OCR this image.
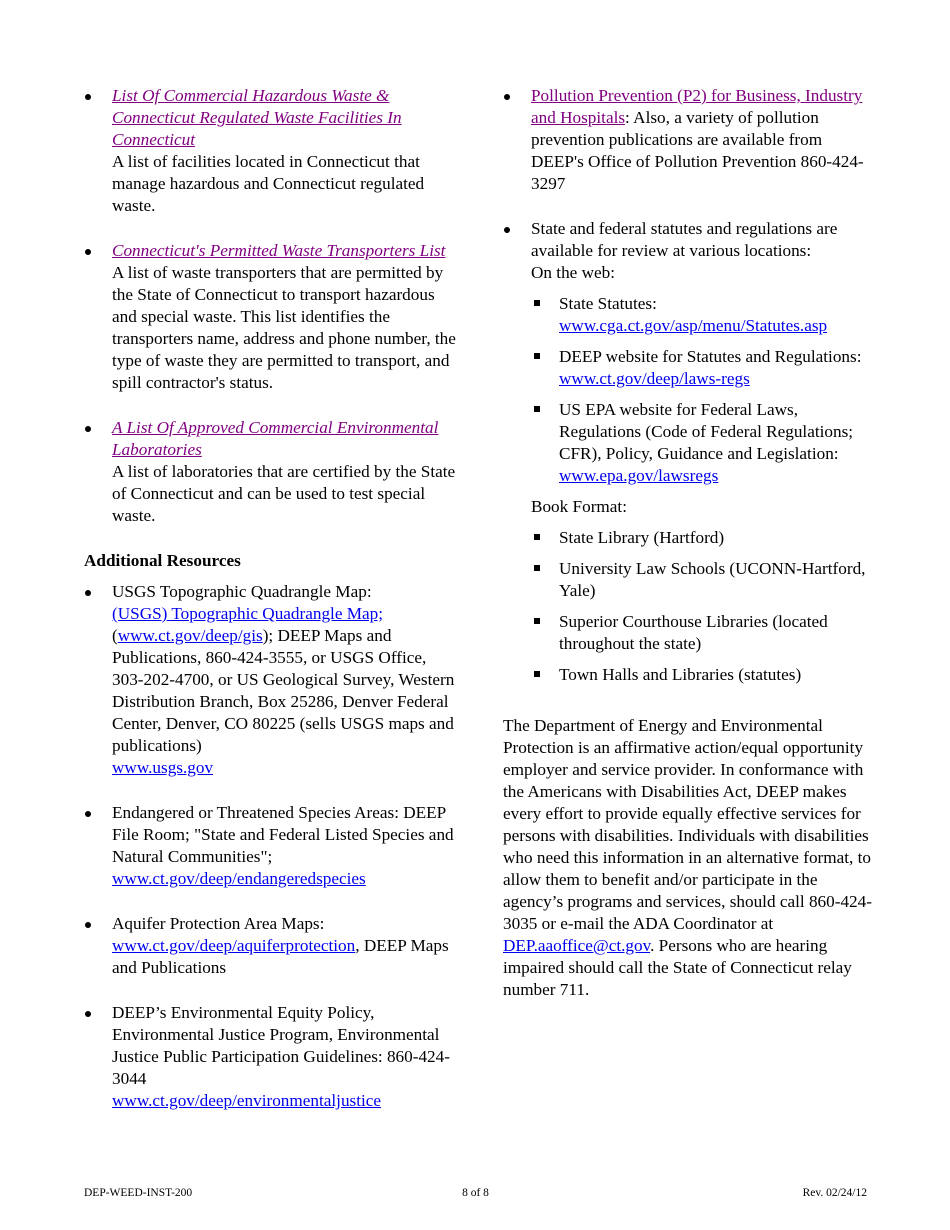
List Of Commercial Hazardous Waste & Connecticut Regulated Waste Facilities In Connecticut
A list of facilities located in Connecticut that manage hazardous and Connecticut regulated waste.
Connecticut's Permitted Waste Transporters List
A list of waste transporters that are permitted by the State of Connecticut to transport hazardous and special waste. This list identifies the transporters name, address and phone number, the type of waste they are permitted to transport, and spill contractor's status.
A List Of Approved Commercial Environmental Laboratories
A list of laboratories that are certified by the State of Connecticut and can be used to test special waste.
Additional Resources
USGS Topographic Quadrangle Map:
(USGS) Topographic Quadrangle Map;
(www.ct.gov/deep/gis); DEEP Maps and Publications, 860-424-3555, or USGS Office, 303-202-4700, or US Geological Survey, Western Distribution Branch, Box 25286, Denver Federal Center, Denver, CO 80225 (sells USGS maps and publications)
www.usgs.gov
Endangered or Threatened Species Areas: DEEP File Room; "State and Federal Listed Species and Natural Communities";
www.ct.gov/deep/endangeredspecies
Aquifer Protection Area Maps:
www.ct.gov/deep/aquiferprotection, DEEP Maps and Publications
DEEP’s Environmental Equity Policy, Environmental Justice Program, Environmental Justice Public Participation Guidelines: 860-424-3044
www.ct.gov/deep/environmentaljustice
Pollution Prevention (P2) for Business, Industry and Hospitals: Also, a variety of pollution prevention publications are available from DEEP's Office of Pollution Prevention 860-424-3297
State and federal statutes and regulations are available for review at various locations:
On the web:
State Statutes: www.cga.ct.gov/asp/menu/Statutes.asp
DEEP website for Statutes and Regulations: www.ct.gov/deep/laws-regs
US EPA website for Federal Laws, Regulations (Code of Federal Regulations; CFR), Policy, Guidance and Legislation: www.epa.gov/lawsregs
Book Format:
State Library (Hartford)
University Law Schools (UCONN-Hartford, Yale)
Superior Courthouse Libraries (located throughout the state)
Town Halls and Libraries (statutes)

The Department of Energy and Environmental Protection is an affirmative action/equal opportunity employer and service provider. In conformance with the Americans with Disabilities Act, DEEP makes every effort to provide equally effective services for persons with disabilities. Individuals with disabilities who need this information in an alternative format, to allow them to benefit and/or participate in the agency’s programs and services, should call 860-424-3035 or e-mail the ADA Coordinator at DEP.aaoffice@ct.gov. Persons who are hearing impaired should call the State of Connecticut relay number 711.

DEP-WEED-INST-200	8 of 8	Rev. 02/24/12
